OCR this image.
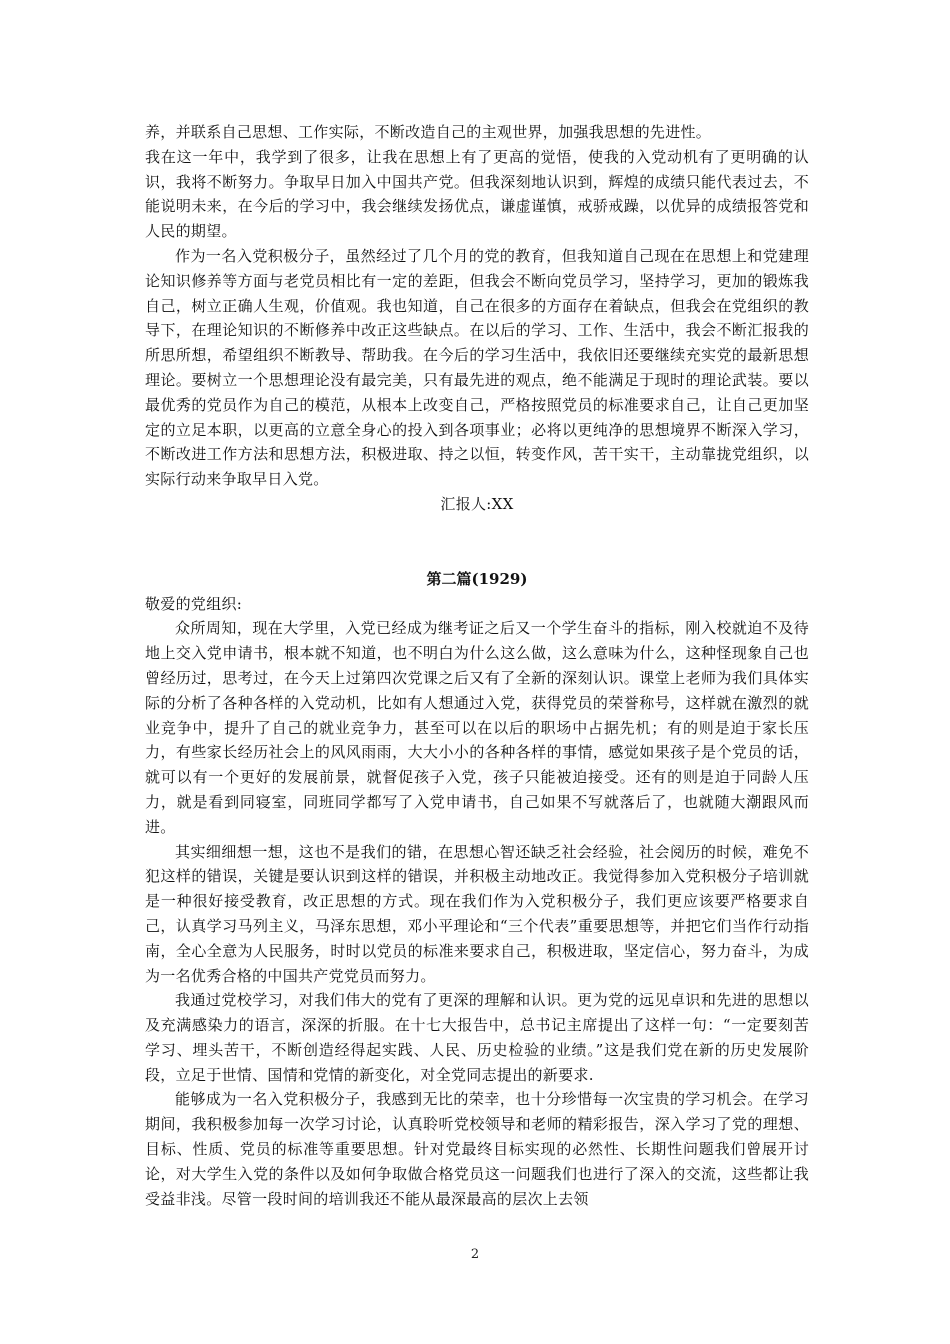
养，并联系自己思想、工作实际，不断改造自己的主观世界，加强我思想的先进性。

我在这一年中，我学到了很多，让我在思想上有了更高的觉悟，使我的入党动机有了更明确的认识，我将不断努力。争取早日加入中国共产党。但我深刻地认识到，辉煌的成绩只能代表过去，不能说明未来，在今后的学习中，我会继续发扬优点，谦虚谨慎，戒骄戒躁，以优异的成绩报答党和人民的期望。

作为一名入党积极分子，虽然经过了几个月的党的教育，但我知道自己现在在思想上和党建理论知识修养等方面与老党员相比有一定的差距，但我会不断向党员学习，坚持学习，更加的锻炼我自己，树立正确人生观，价值观。我也知道，自己在很多的方面存在着缺点，但我会在党组织的教导下，在理论知识的不断修养中改正这些缺点。在以后的学习、工作、生活中，我会不断汇报我的所思所想，希望组织不断教导、帮助我。在今后的学习生活中，我依旧还要继续充实党的最新思想理论。要树立一个思想理论没有最完美，只有最先进的观点，绝不能满足于现时的理论武装。要以最优秀的党员作为自己的模范，从根本上改变自己，严格按照党员的标准要求自己，让自己更加坚定的立足本职，以更高的立意全身心的投入到各项事业；必将以更纯净的思想境界不断深入学习，不断改进工作方法和思想方法，积极进取、持之以恒，转变作风，苦干实干，主动靠拢党组织，以实际行动来争取早日入党。

汇报人:XX

第二篇(1929)

敬爱的党组织:

众所周知，现在大学里，入党已经成为继考证之后又一个学生奋斗的指标，刚入校就迫不及待地上交入党申请书，根本就不知道，也不明白为什么这么做，这么意味为什么，这种怪现象自己也曾经历过，思考过，在今天上过第四次党课之后又有了全新的深刻认识。课堂上老师为我们具体实际的分析了各种各样的入党动机，比如有人想通过入党，获得党员的荣誉称号，这样就在激烈的就业竞争中，提升了自己的就业竞争力，甚至可以在以后的职场中占据先机；有的则是迫于家长压力，有些家长经历社会上的风风雨雨，大大小小的各种各样的事情，感觉如果孩子是个党员的话，就可以有一个更好的发展前景，就督促孩子入党，孩子只能被迫接受。还有的则是迫于同龄人压力，就是看到同寝室，同班同学都写了入党申请书，自己如果不写就落后了，也就随大潮跟风而进。

其实细细想一想，这也不是我们的错，在思想心智还缺乏社会经验，社会阅历的时候，难免不犯这样的错误，关键是要认识到这样的错误，并积极主动地改正。我觉得参加入党积极分子培训就是一种很好接受教育，改正思想的方式。现在我们作为入党积极分子，我们更应该要严格要求自己，认真学习马列主义，马泽东思想，邓小平理论和“三个代表”重要思想等，并把它们当作行动指南，全心全意为人民服务，时时以党员的标准来要求自己，积极进取，坚定信心，努力奋斗，为成为一名优秀合格的中国共产党党员而努力。

我通过党校学习，对我们伟大的党有了更深的理解和认识。更为党的远见卓识和先进的思想以及充满感染力的语言，深深的折服。在十七大报告中，总书记主席提出了这样一句：“一定要刻苦学习、埋头苦干，不断创造经得起实践、人民、历史检验的业绩。”这是我们党在新的历史发展阶段，立足于世情、国情和党情的新变化，对全党同志提出的新要求.

能够成为一名入党积极分子，我感到无比的荣幸，也十分珍惜每一次宝贵的学习机会。在学习期间，我积极参加每一次学习讨论，认真聆听党校领导和老师的精彩报告，深入学习了党的理想、目标、性质、党员的标准等重要思想。针对党最终目标实现的必然性、长期性问题我们曾展开讨论，对大学生入党的条件以及如何争取做合格党员这一问题我们也进行了深入的交流，这些都让我受益非浅。尽管一段时间的培训我还不能从最深最高的层次上去领

2
